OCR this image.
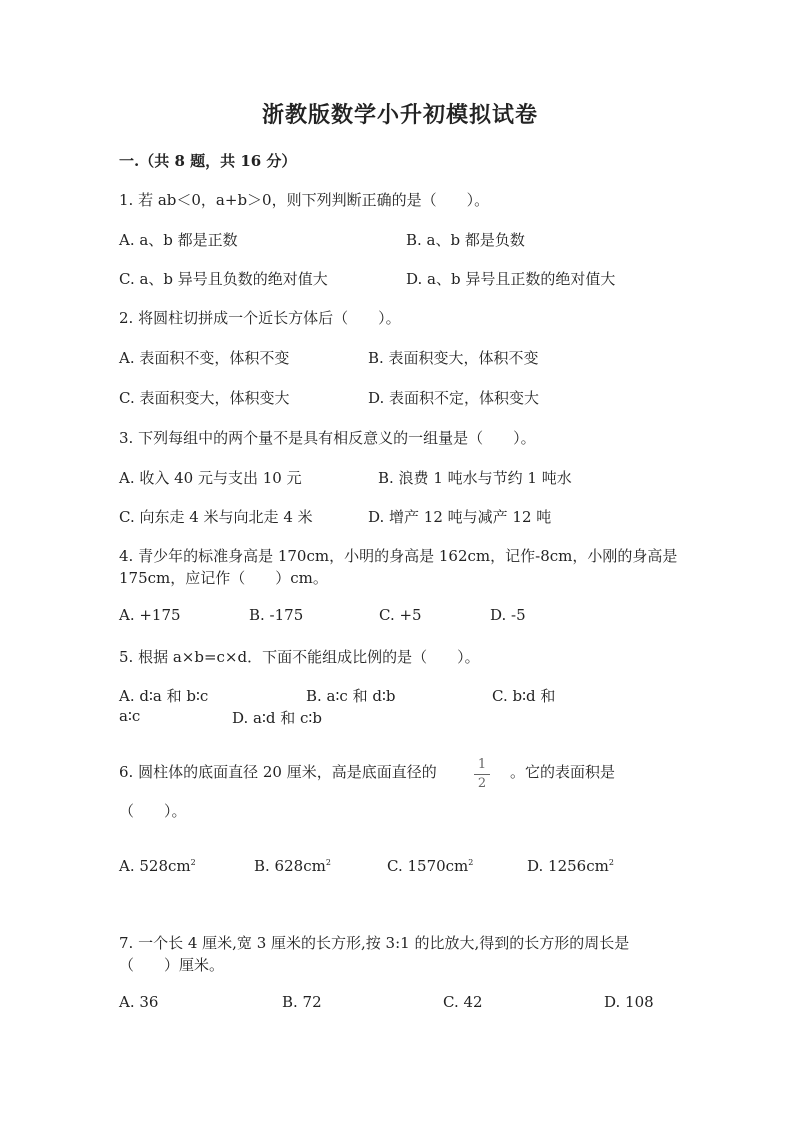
浙教版数学小升初模拟试卷
一.（共 8 题，共 16 分）
1. 若 ab＜0，a+b＞0，则下列判断正确的是（　　）。
A. a、b 都是正数	B. a、b 都是负数
C. a、b 异号且负数的绝对值大	D. a、b 异号且正数的绝对值大
2. 将圆柱切拼成一个近长方体后（　　）。
A. 表面积不变，体积不变	B. 表面积变大，体积不变
C. 表面积变大，体积变大	D. 表面积不定，体积变大
3. 下列每组中的两个量不是具有相反意义的一组量是（　　）。
A. 收入 40 元与支出 10 元	B. 浪费 1 吨水与节约 1 吨水
C. 向东走 4 米与向北走 4 米	D. 增产 12 吨与减产 12 吨
4. 青少年的标准身高是 170cm，小明的身高是 162cm，记作-8cm，小刚的身高是
175cm，应记作（　　）cm。
A. +175	B. -175	C. +5	D. -5
5. 根据 a×b=c×d．下面不能组成比例的是（　　）。
A. d∶a 和 b∶c	B. a∶c 和 d∶b	C. b∶d 和
a∶c	D. a∶d 和 c∶b
6. 圆柱体的底面直径 20 厘米，高是底面直径的	1
2
。它的表面积是
（　　）。
A. $528cm^2$	B. $628cm^2$	C. $1570cm^2$	D. $1256cm^2$
7. 一个长 4 厘米,宽 3 厘米的长方形,按 3:1 的比放大,得到的长方形的周长是
（　　）厘米。
A. 36	B. 72	C. 42	D. 108
